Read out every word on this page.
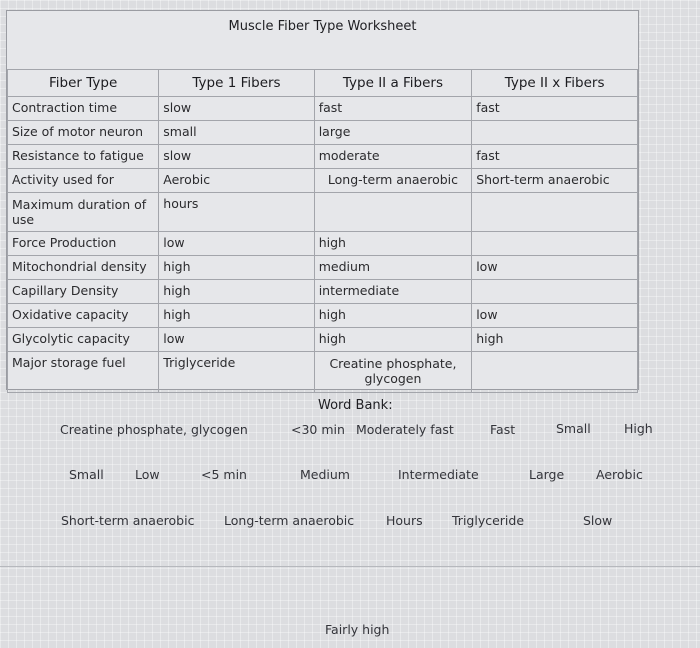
Muscle Fiber Type Worksheet
Fiber Type	Type 1 Fibers	Type II a Fibers	Type II x Fibers
Contraction time	slow	fast	fast
Size of motor neuron	small	large	
Resistance to fatigue	slow	moderate	fast
Activity used for	Aerobic	Long-term anaerobic	Short-term anaerobic
Maximum duration of use	hours		
Force Production	low	high	
Mitochondrial density	high	medium	low
Capillary Density	high	intermediate	
Oxidative capacity	high	high	low
Glycolytic capacity	low	high	high
Major storage fuel	Triglyceride	Creatine phosphate, glycogen	
Word Bank:
Creatine phosphate, glycogen	<30 min Moderately fast	Fast	Small	High
Small	Low	<5 min	Medium	Intermediate	Large	Aerobic
Short-term anaerobic Long-term anaerobic	Hours Triglyceride	Slow
Fairly high
